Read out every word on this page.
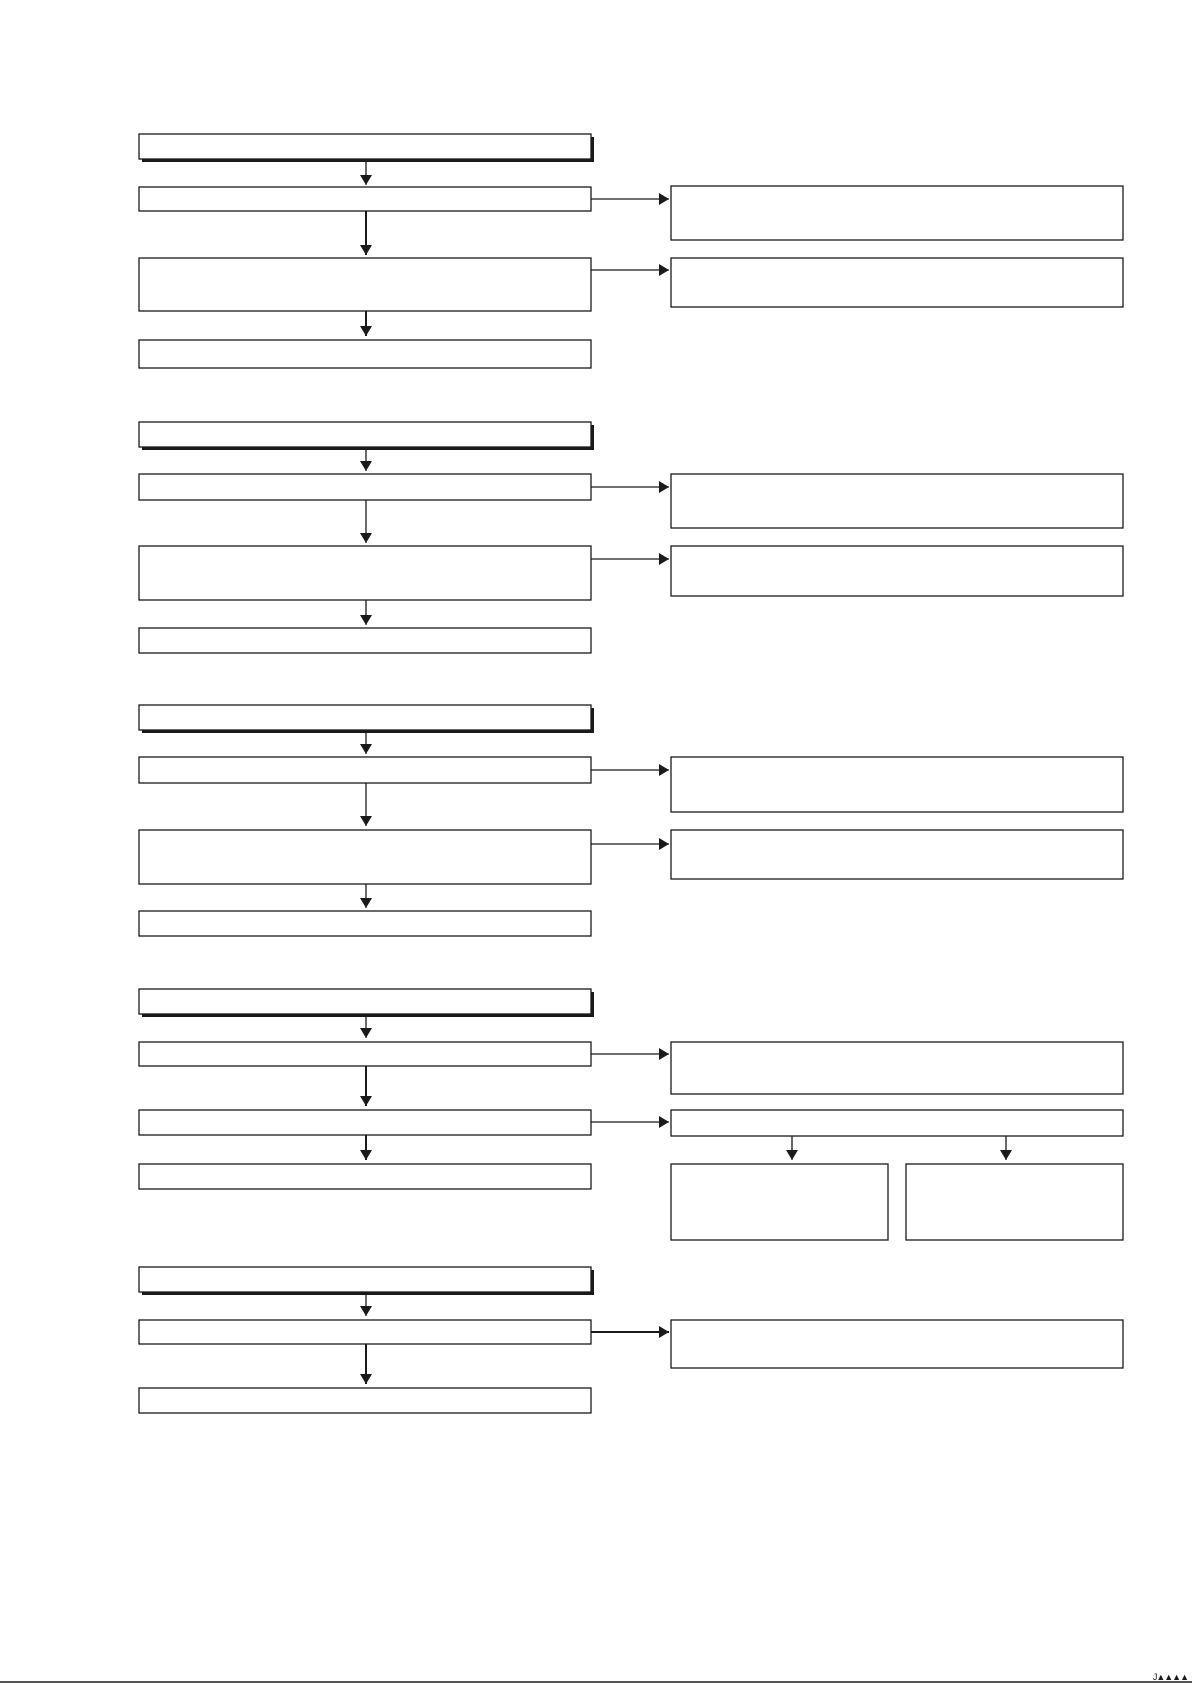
J▲▲▲▲
